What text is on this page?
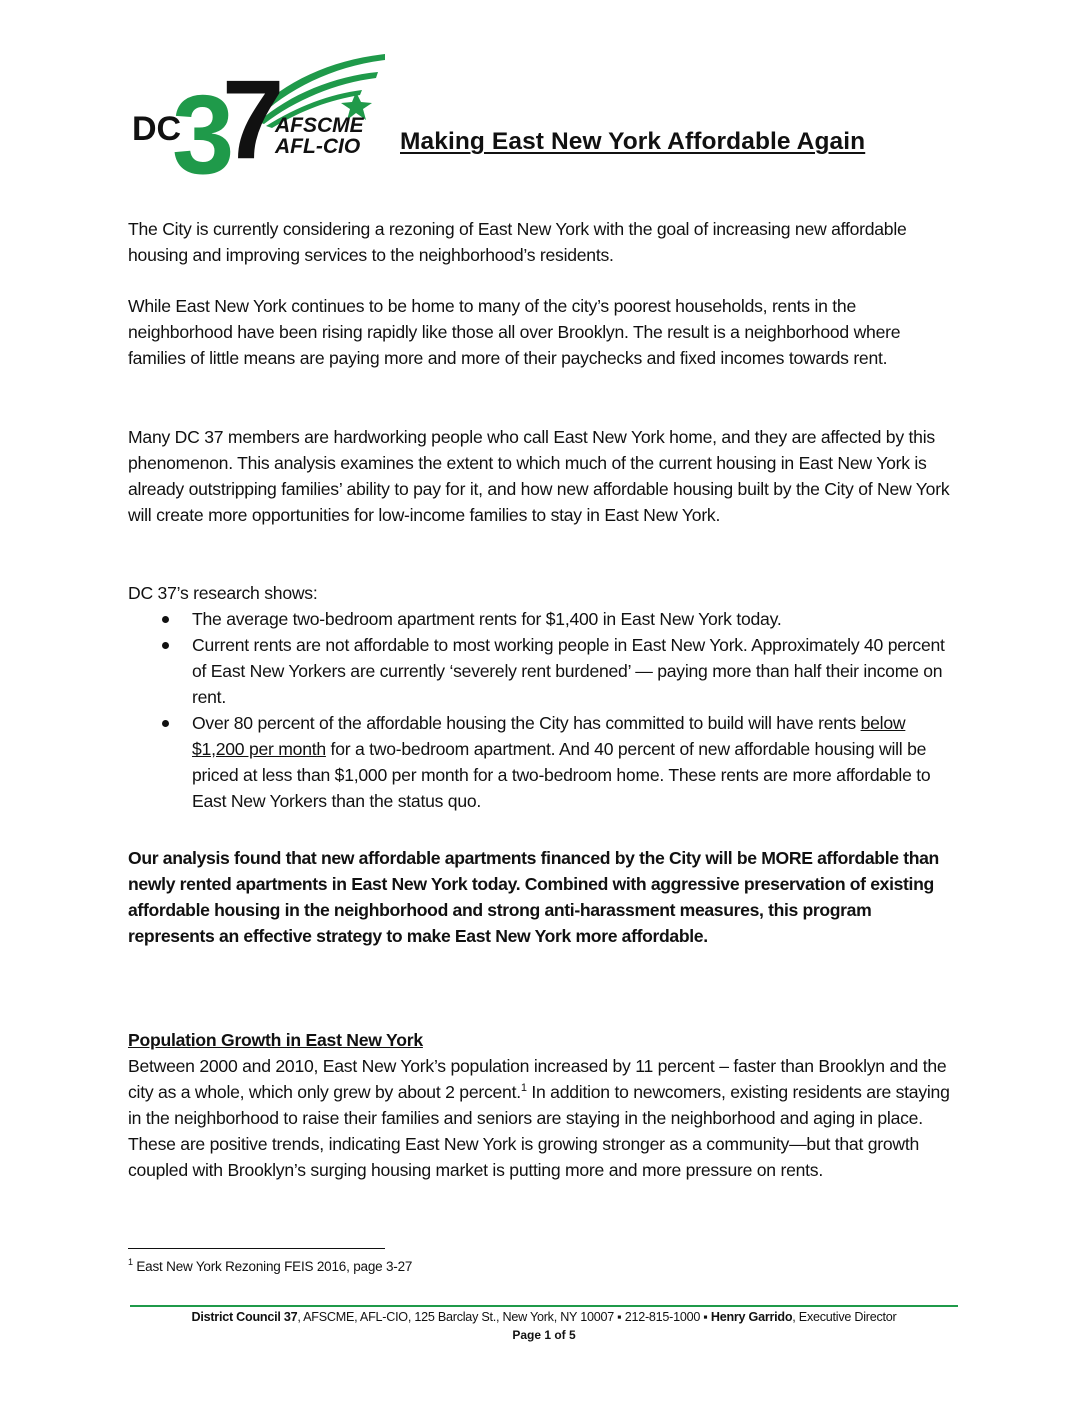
DC
3
7
AFSCME
AFL-CIO Making East New York Affordable Again

The City is currently considering a rezoning of East New York with the goal of increasing new affordable housing and improving services to the neighborhood’s residents.

While East New York continues to be home to many of the city’s poorest households, rents in the neighborhood have been rising rapidly like those all over Brooklyn. The result is a neighborhood where families of little means are paying more and more of their paychecks and fixed incomes towards rent.

Many DC 37 members are hardworking people who call East New York home, and they are affected by this phenomenon. This analysis examines the extent to which much of the current housing in East New York is already outstripping families’ ability to pay for it, and how new affordable housing built by the City of New York will create more opportunities for low-income families to stay in East New York.

DC 37’s research shows:

The average two-bedroom apartment rents for $1,400 in East New York today.
Current rents are not affordable to most working people in East New York. Approximately 40 percent of East New Yorkers are currently ‘severely rent burdened’ — paying more than half their income on rent.
Over 80 percent of the affordable housing the City has committed to build will have rents below $1,200 per month for a two-bedroom apartment. And 40 percent of new affordable housing will be priced at less than $1,000 per month for a two-bedroom home. These rents are more affordable to East New Yorkers than the status quo.

Our analysis found that new affordable apartments financed by the City will be MORE affordable than newly rented apartments in East New York today. Combined with aggressive preservation of existing affordable housing in the neighborhood and strong anti-harassment measures, this program represents an effective strategy to make East New York more affordable.

Population Growth in East New York

Between 2000 and 2010, East New York’s population increased by 11 percent – faster than Brooklyn and the city as a whole, which only grew by about 2 percent.$^1$ In addition to newcomers, existing residents are staying in the neighborhood to raise their families and seniors are staying in the neighborhood and aging in place. These are positive trends, indicating East New York is growing stronger as a community—but that growth coupled with Brooklyn’s surging housing market is putting more and more pressure on rents.

$^1$ East New York Rezoning FEIS 2016, page 3-27
District Council 37, AFSCME, AFL-CIO, 125 Barclay St., New York, NY 10007 ▪ 212-815-1000 ▪ Henry Garrido, Executive Director
Page 1 of 5
